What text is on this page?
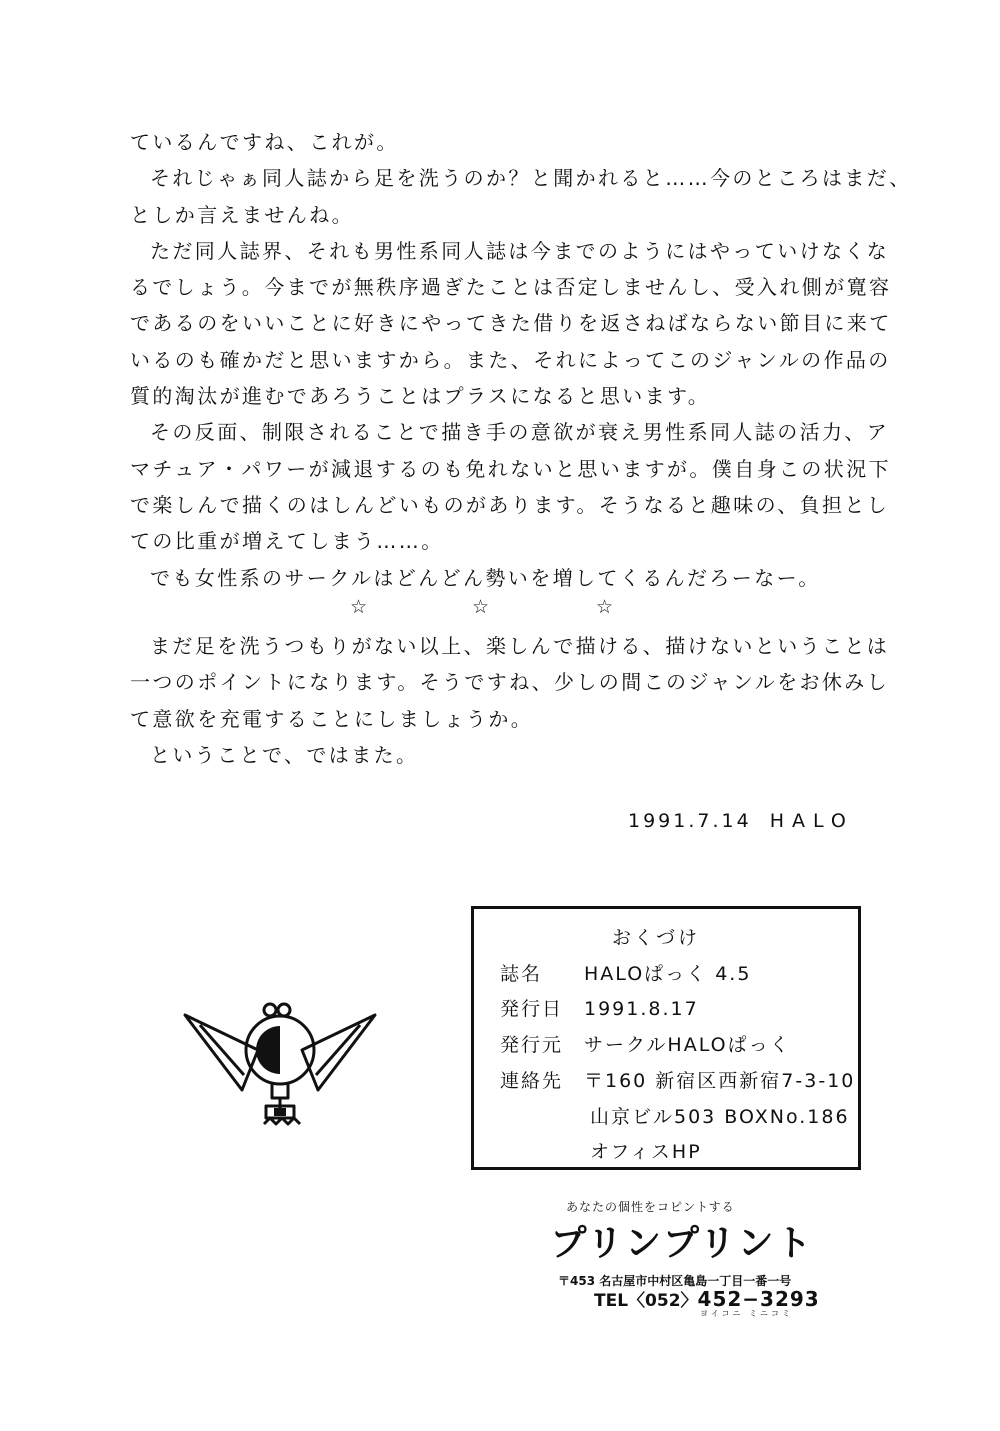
ているんですね、これが。

それじゃぁ同人誌から足を洗うのか？と聞かれると……今のところはまだ、

としか言えませんね。

ただ同人誌界、それも男性系同人誌は今までのようにはやっていけなくな

るでしょう。今までが無秩序過ぎたことは否定しませんし、受入れ側が寛容

であるのをいいことに好きにやってきた借りを返さねばならない節目に来て

いるのも確かだと思いますから。また、それによってこのジャンルの作品の

質的淘汰が進むであろうことはプラスになると思います。

その反面、制限されることで描き手の意欲が衰え男性系同人誌の活力、ア

マチュア・パワーが減退するのも免れないと思いますが。僕自身この状況下

で楽しんで描くのはしんどいものがあります。そうなると趣味の、負担とし

ての比重が増えてしまう……。

でも女性系のサークルはどんどん勢いを増してくるんだろーなー。

☆	☆	☆

まだ足を洗うつもりがない以上、楽しんで描ける、描けないということは

一つのポイントになります。そうですね、少しの間このジャンルをお休みし

て意欲を充電することにしましょうか。

ということで、ではまた。

1991.7.14 HALO
おくづけ
誌名 HALOぱっく 4.5
発行日 1991.8.17
発行元 サークルHALOぱっく
連絡先 〒160 新宿区西新宿7-3-10
山京ビル503 BOXNo.186
オフィスHP
あなたの個性をコピントする
プリンプリント
〒453 名古屋市中村区亀島一丁目一番一号
TEL〈052〉452−3293
ヨイコニ ミニコミ
